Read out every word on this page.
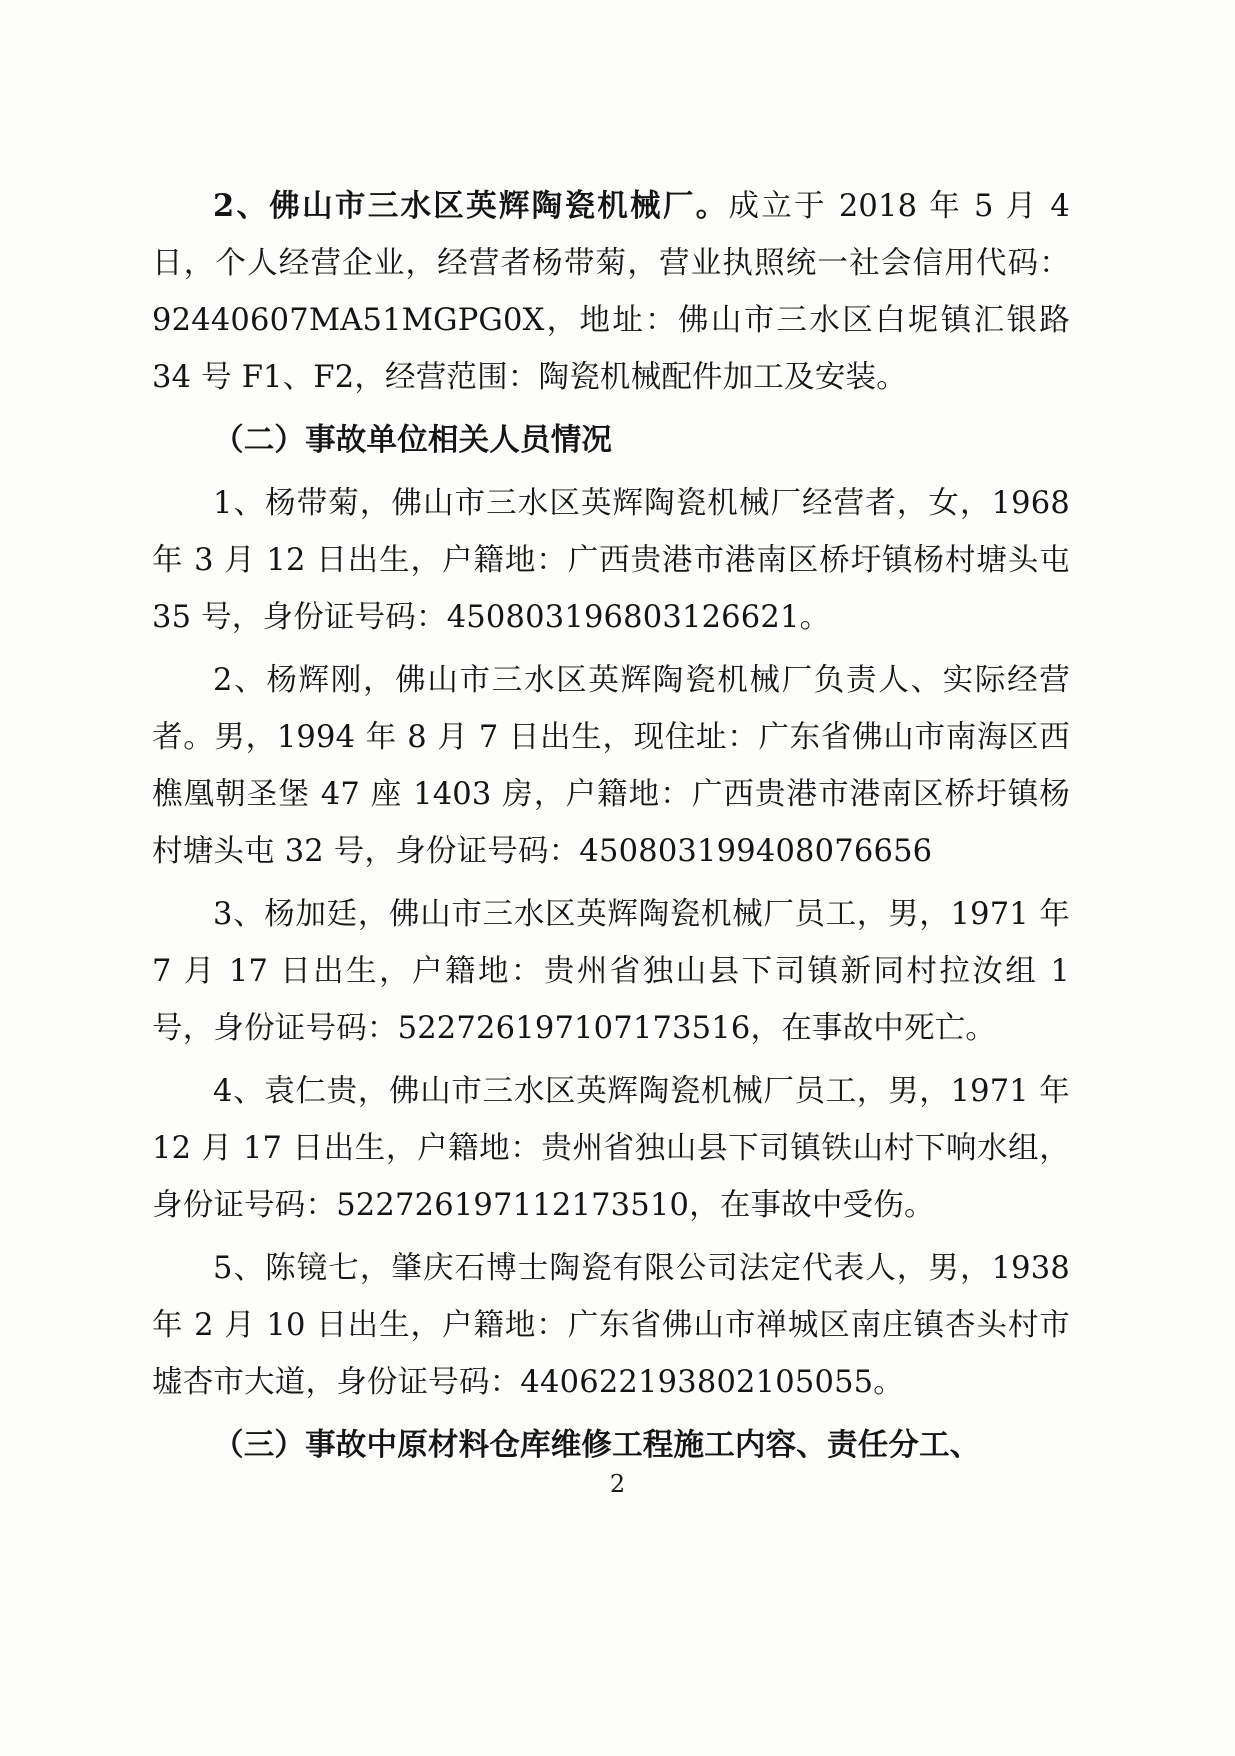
2、佛山市三水区英辉陶瓷机械厂。成立于 2018 年 5 月 4 日，个人经营企业，经营者杨带菊，营业执照统一社会信用代码：92440607MA51MGPG0X，地址：佛山市三水区白坭镇汇银路 34 号 F1、F2，经营范围：陶瓷机械配件加工及安装。

（二）事故单位相关人员情况

1、杨带菊，佛山市三水区英辉陶瓷机械厂经营者，女，1968 年 3 月 12 日出生，户籍地：广西贵港市港南区桥圩镇杨村塘头屯 35 号，身份证号码：450803196803126621。

2、杨辉刚，佛山市三水区英辉陶瓷机械厂负责人、实际经营者。男，1994 年 8 月 7 日出生，现住址：广东省佛山市南海区西樵凰朝圣堡 47 座 1403 房，户籍地：广西贵港市港南区桥圩镇杨村塘头屯 32 号，身份证号码：450803199408076656

3、杨加廷，佛山市三水区英辉陶瓷机械厂员工，男，1971 年 7 月 17 日出生，户籍地：贵州省独山县下司镇新同村拉汝组 1 号，身份证号码：522726197107173516，在事故中死亡。

4、袁仁贵，佛山市三水区英辉陶瓷机械厂员工，男，1971 年 12 月 17 日出生，户籍地：贵州省独山县下司镇铁山村下响水组，身份证号码：522726197112173510，在事故中受伤。

5、陈镜七，肇庆石博士陶瓷有限公司法定代表人，男，1938 年 2 月 10 日出生，户籍地：广东省佛山市禅城区南庄镇杏头村市墟杏市大道，身份证号码：440622193802105055。

（三）事故中原材料仓库维修工程施工内容、责任分工、

2
